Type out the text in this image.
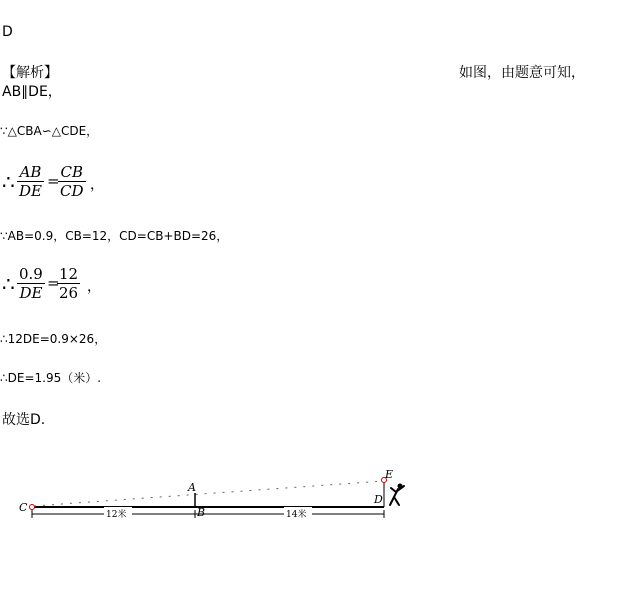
D
【解析】	如图，由题意可知，
AB∥DE，
∵△CBA∽△CDE，
∴ $\frac{AB}{DE}$ =
$\frac{CB}{CD}$ ，
∵AB=0.9，CB=12，CD=CB+BD=26，
∴ $\frac{0.9}{DE}$ =
$\frac{12}{26}$ ，
∴12DE=0.9×26，
∴DE=1.95（米）.
故选D.
12米	14米
C
A
B
D
E
